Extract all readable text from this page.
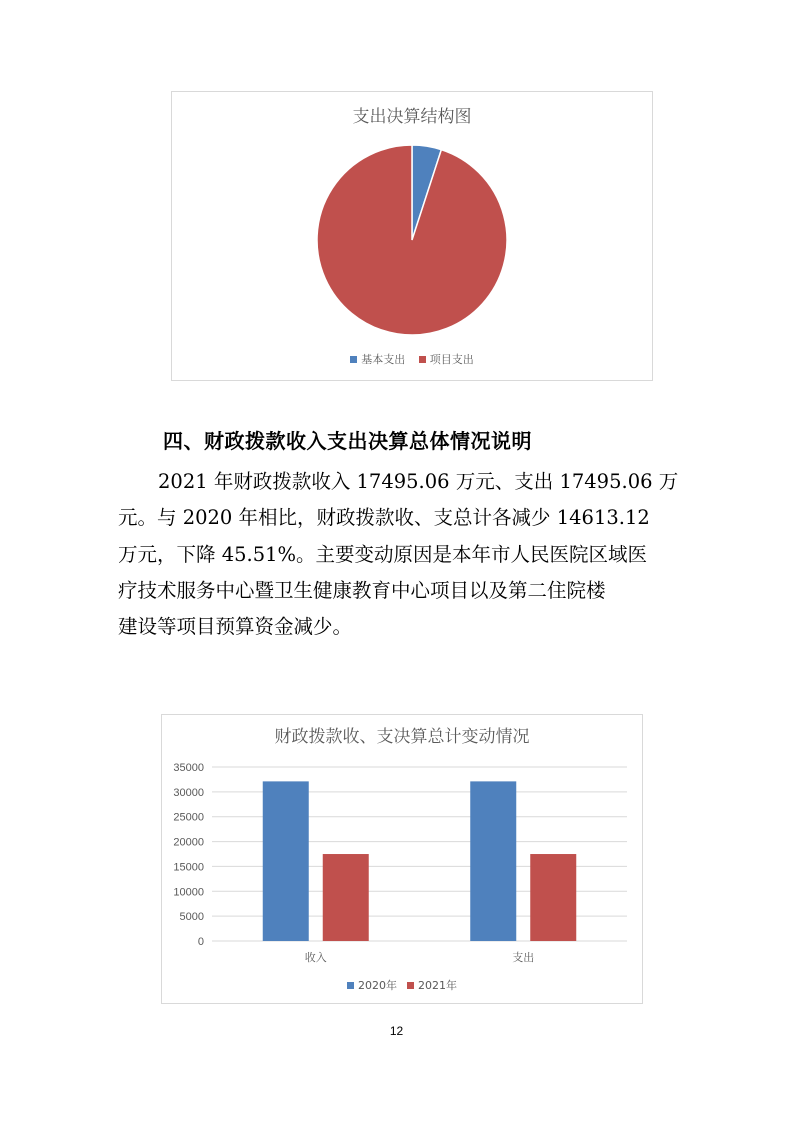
支出决算结构图
基本支出
项目支出
四、财政拨款收入支出决算总体情况说明
2021 年财政拨款收入 17495.06 万元、支出 17495.06 万
元。与 2020 年相比，财政拨款收、支总计各减少 14613.12
万元，下降 45.51%。主要变动原因是本年市人民医院区域医
疗技术服务中心暨卫生健康教育中心项目以及第二住院楼
建设等项目预算资金减少。
财政拨款收、支决算总计变动情况
0
5000
10000
15000
20000
25000
30000
35000
收入	支出
2020年 2021年
12
